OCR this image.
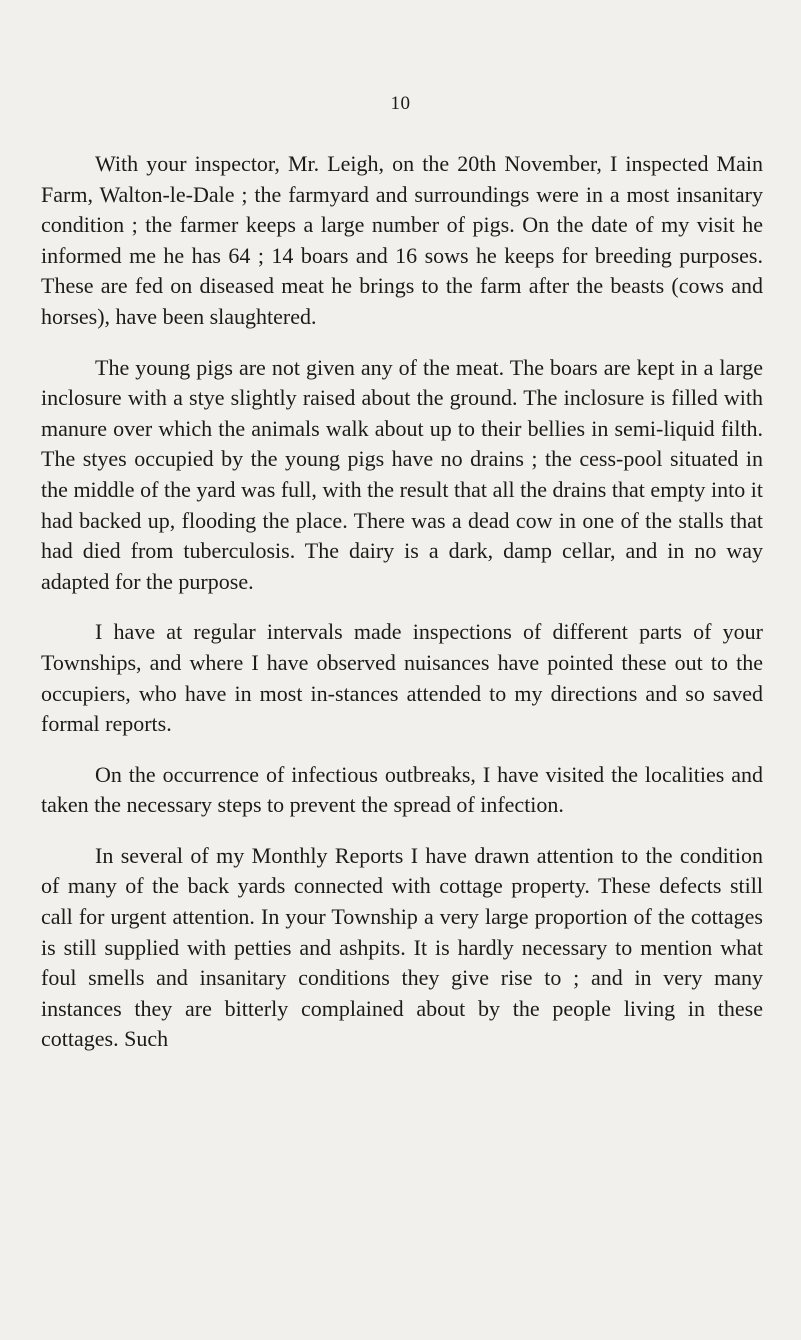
10

With your inspector, Mr. Leigh, on the 20th November, I inspected Main Farm, Walton-le-Dale ; the farmyard and surroundings were in a most insanitary condition ; the farmer keeps a large number of pigs. On the date of my visit he informed me he has 64 ; 14 boars and 16 sows he keeps for breeding purposes. These are fed on diseased meat he brings to the farm after the beasts (cows and horses), have been slaughtered.

The young pigs are not given any of the meat. The boars are kept in a large inclosure with a stye slightly raised about the ground. The inclosure is filled with manure over which the animals walk about up to their bellies in semi-liquid filth. The styes occupied by the young pigs have no drains ; the cess-pool situated in the middle of the yard was full, with the result that all the drains that empty into it had backed up, flooding the place. There was a dead cow in one of the stalls that had died from tuberculosis. The dairy is a dark, damp cellar, and in no way adapted for the purpose.

I have at regular intervals made inspections of different parts of your Townships, and where I have observed nuisances have pointed these out to the occupiers, who have in most in-stances attended to my directions and so saved formal reports.

On the occurrence of infectious outbreaks, I have visited the localities and taken the necessary steps to prevent the spread of infection.

In several of my Monthly Reports I have drawn attention to the condition of many of the back yards connected with cottage property. These defects still call for urgent attention. In your Township a very large proportion of the cottages is still supplied with petties and ashpits. It is hardly necessary to mention what foul smells and insanitary conditions they give rise to ; and in very many instances they are bitterly complained about by the people living in these cottages. Such
